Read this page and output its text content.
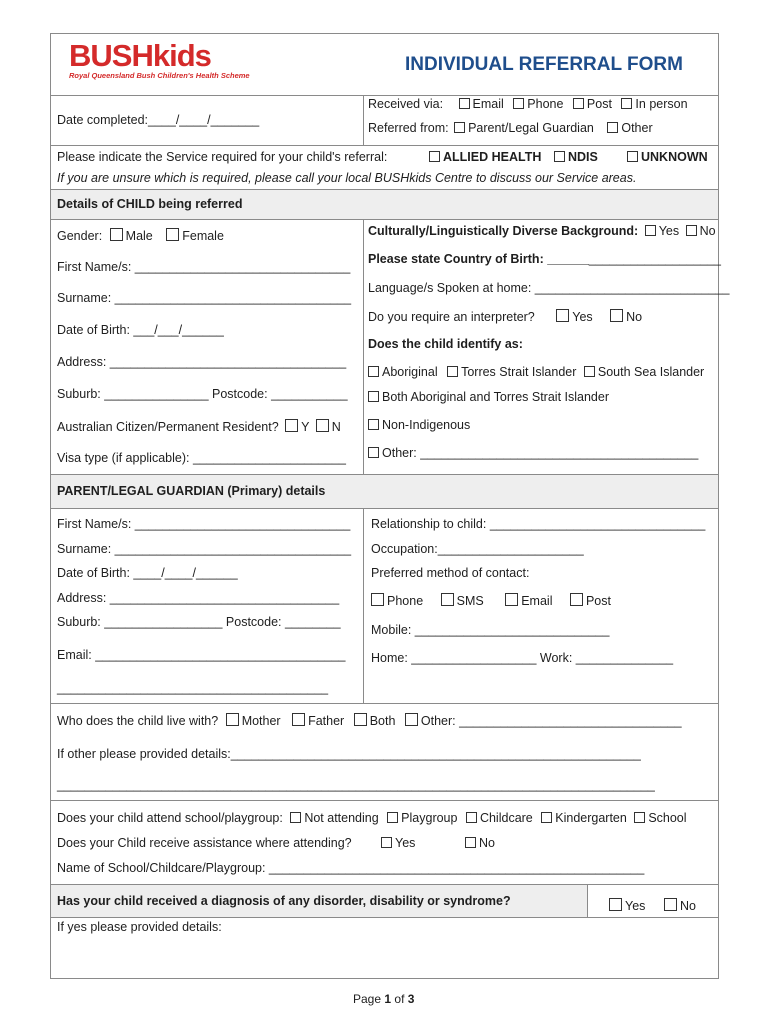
BUSHkids
Royal Queensland Bush Children's Health Scheme
INDIVIDUAL REFERRAL FORM
Date completed:____/____/_______
Received via: Email Phone Post In person
Referred from: Parent/Legal Guardian Other
Please indicate the Service required for your child's referral:	ALLIED HEALTH	NDIS	UNKNOWN
If you are unsure which is required, please call your local BUSHkids Centre to discuss our Service areas.
Details of CHILD being referred
Gender: Male Female
First Name/s: _______________________________
Surname: __________________________________
Date of Birth: ___/___/______
Address: __________________________________
Suburb: _______________ Postcode: ___________
Australian Citizen/Permanent Resident? Y N
Visa type (if applicable): ______________________
Culturally/Linguistically Diverse Background: Yes No
Please state Country of Birth: _________________________
Language/s Spoken at home: ____________________________
Do you require an interpreter?	Yes	No
Does the child identify as:
Aboriginal Torres Strait Islander South Sea Islander
Both Aboriginal and Torres Strait Islander
Non-Indigenous
Other: ________________________________________
PARENT/LEGAL GUARDIAN (Primary) details
First Name/s: _______________________________
Surname: __________________________________
Date of Birth: ____/____/______
Address: _________________________________
Suburb: _________________ Postcode: ________
Email: ____________________________________
_______________________________________
Relationship to child: _______________________________
Occupation:_____________________
Preferred method of contact:
Phone	SMS	Email	Post
Mobile: ____________________________
Home: __________________ Work: ______________
Who does the child live with? Mother Father Both Other: ________________________________
If other please provided details:___________________________________________________________
______________________________________________________________________________________
Does your child attend school/playgroup: Not attending Playgroup Childcare Kindergarten School
Does your Child receive assistance where attending?	Yes	No
Name of School/Childcare/Playgroup: ______________________________________________________
Has your child received a diagnosis of any disorder, disability or syndrome?	Yes	No
If yes please provided details:
Page 1 of 3
